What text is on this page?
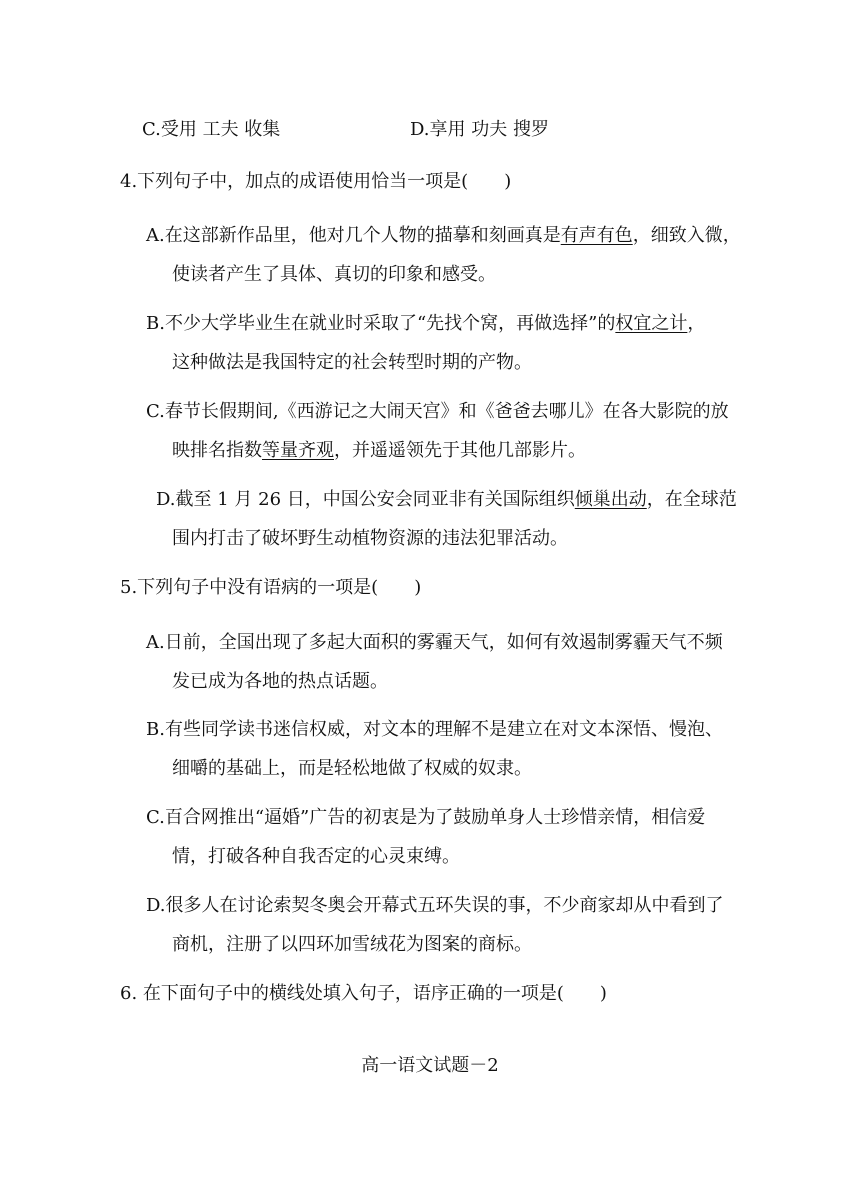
C.受用 工夫 收集	D.享用 功夫 搜罗
4.下列句子中，加点的成语使用恰当一项是(　　)
A.在这部新作品里，他对几个人物的描摹和刻画真是有声有色，细致入微，
使读者产生了具体、真切的印象和感受。
B.不少大学毕业生在就业时采取了“先找个窝，再做选择”的权宜之计，
这种做法是我国特定的社会转型时期的产物。
C.春节长假期间,《西游记之大闹天宫》和《爸爸去哪儿》在各大影院的放
映排名指数等量齐观，并遥遥领先于其他几部影片。
D.截至 1 月 26 日，中国公安会同亚非有关国际组织倾巢出动，在全球范
围内打击了破坏野生动植物资源的违法犯罪活动。
5.下列句子中没有语病的一项是(　　)
A.日前，全国出现了多起大面积的雾霾天气，如何有效遏制雾霾天气不频
发已成为各地的热点话题。
B.有些同学读书迷信权威，对文本的理解不是建立在对文本深悟、慢泡、
细嚼的基础上，而是轻松地做了权威的奴隶。
C.百合网推出“逼婚”广告的初衷是为了鼓励单身人士珍惜亲情，相信爱
情，打破各种自我否定的心灵束缚。
D.很多人在讨论索契冬奥会开幕式五环失误的事，不少商家却从中看到了
商机，注册了以四环加雪绒花为图案的商标。
6. 在下面句子中的横线处填入句子，语序正确的一项是(　　)
高一语文试题－2
